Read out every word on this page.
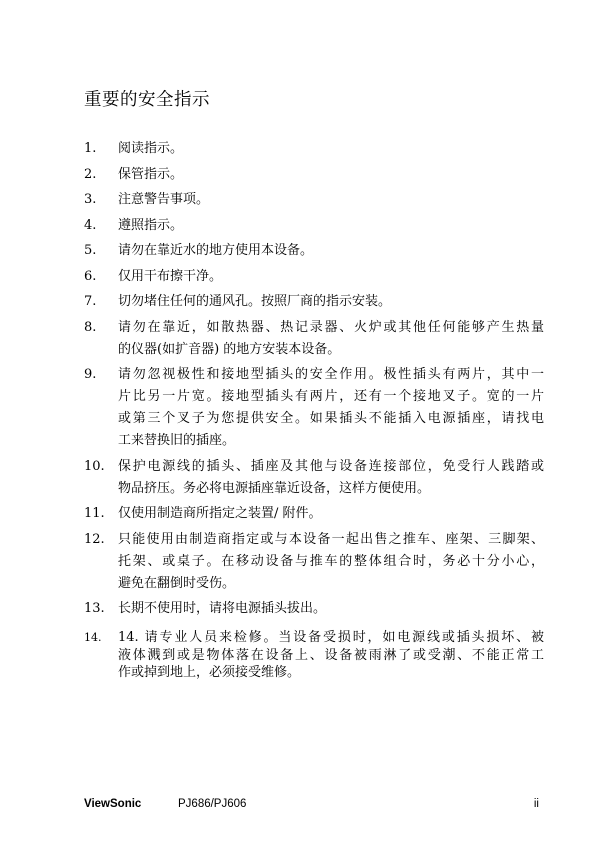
重要的安全指示
1.	阅读指示。
2.	保管指示。
3.	注意警告事项。
4.	遵照指示。
5.	请勿在靠近水的地方使用本设备。
6.	仅用干布擦干净。
7.	切勿堵住任何的通风孔。按照厂商的指示安装。
8.	请勿在靠近，如散热器、热记录器、火炉或其他任何能够产生热量
的仪器(如扩音器) 的地方安装本设备。
9.	请勿忽视极性和接地型插头的安全作用。极性插头有两片，其中一
片比另一片宽。接地型插头有两片，还有一个接地叉子。宽的一片
或第三个叉子为您提供安全。如果插头不能插入电源插座，请找电
工来替换旧的插座。
10.	保护电源线的插头、插座及其他与设备连接部位，免受行人践踏或
物品挤压。务必将电源插座靠近设备，这样方便使用。
11.	仅使用制造商所指定之装置/ 附件。
12.	只能使用由制造商指定或与本设备一起出售之推车、座架、三脚架、
托架、或桌子。在移动设备与推车的整体组合时，务必十分小心，
避免在翻倒时受伤。
13.	长期不使用时，请将电源插头拔出。
14.	14. 请专业人员来检修。当设备受损时，如电源线或插头损坏、被
液体溅到或是物体落在设备上、设备被雨淋了或受潮、不能正常工
作或掉到地上，必须接受维修。
ViewSonic	PJ686/PJ606	ii
